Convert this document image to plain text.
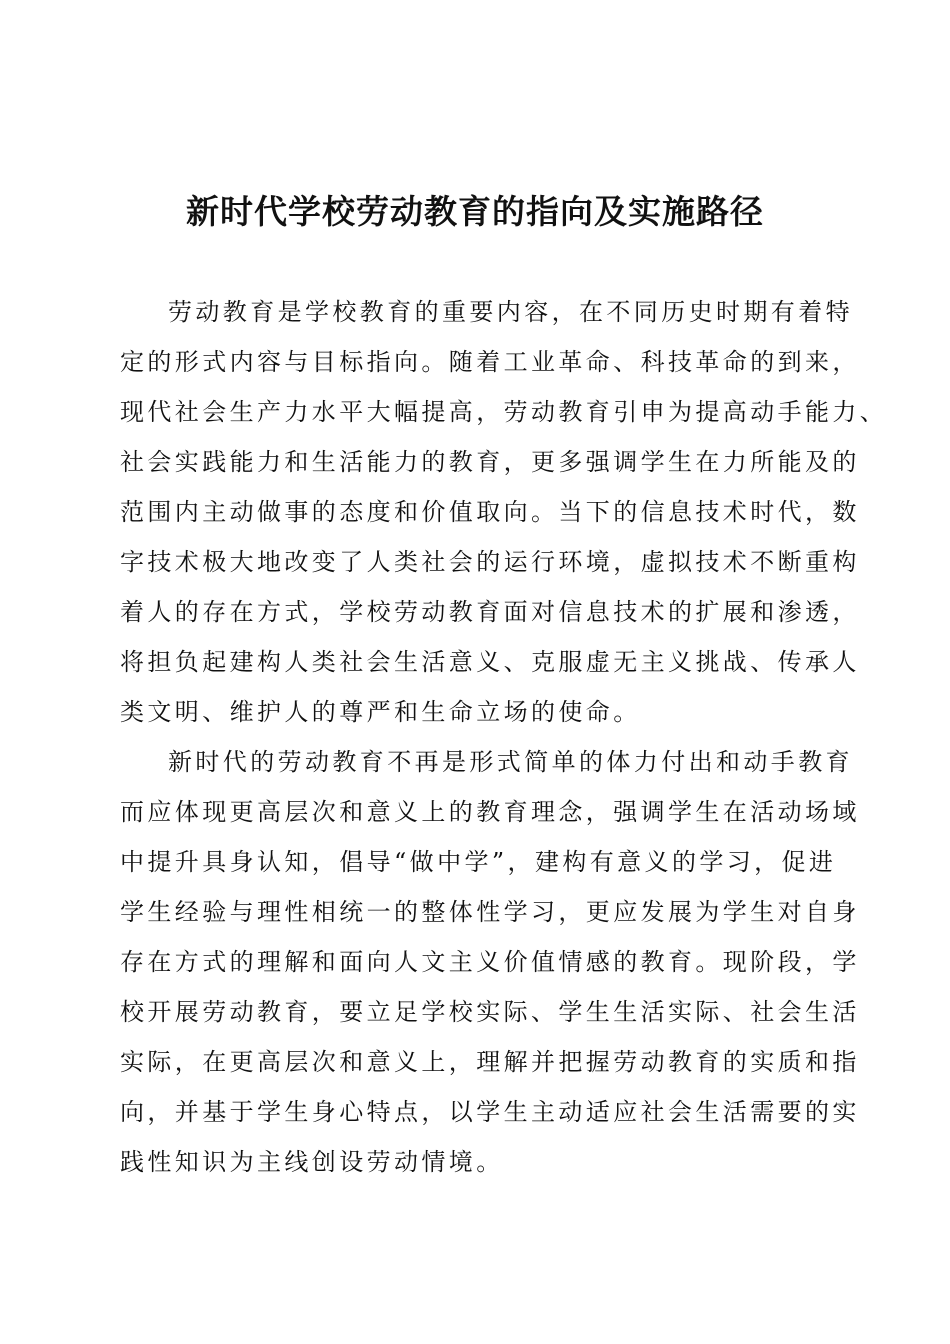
新时代学校劳动教育的指向及实施路径

劳动教育是学校教育的重要内容，在不同历史时期有着特

定的形式内容与目标指向。随着工业革命、科技革命的到来，

现代社会生产力水平大幅提高，劳动教育引申为提高动手能力、

社会实践能力和生活能力的教育，更多强调学生在力所能及的

范围内主动做事的态度和价值取向。当下的信息技术时代，数

字技术极大地改变了人类社会的运行环境，虚拟技术不断重构

着人的存在方式，学校劳动教育面对信息技术的扩展和渗透，

将担负起建构人类社会生活意义、克服虚无主义挑战、传承人

类文明、维护人的尊严和生命立场的使命。

新时代的劳动教育不再是形式简单的体力付出和动手教育

而应体现更高层次和意义上的教育理念，强调学生在活动场域

中提升具身认知，倡导“做中学”，建构有意义的学习，促进

学生经验与理性相统一的整体性学习，更应发展为学生对自身

存在方式的理解和面向人文主义价值情感的教育。现阶段，学

校开展劳动教育，要立足学校实际、学生生活实际、社会生活

实际，在更高层次和意义上，理解并把握劳动教育的实质和指

向，并基于学生身心特点，以学生主动适应社会生活需要的实

践性知识为主线创设劳动情境。
